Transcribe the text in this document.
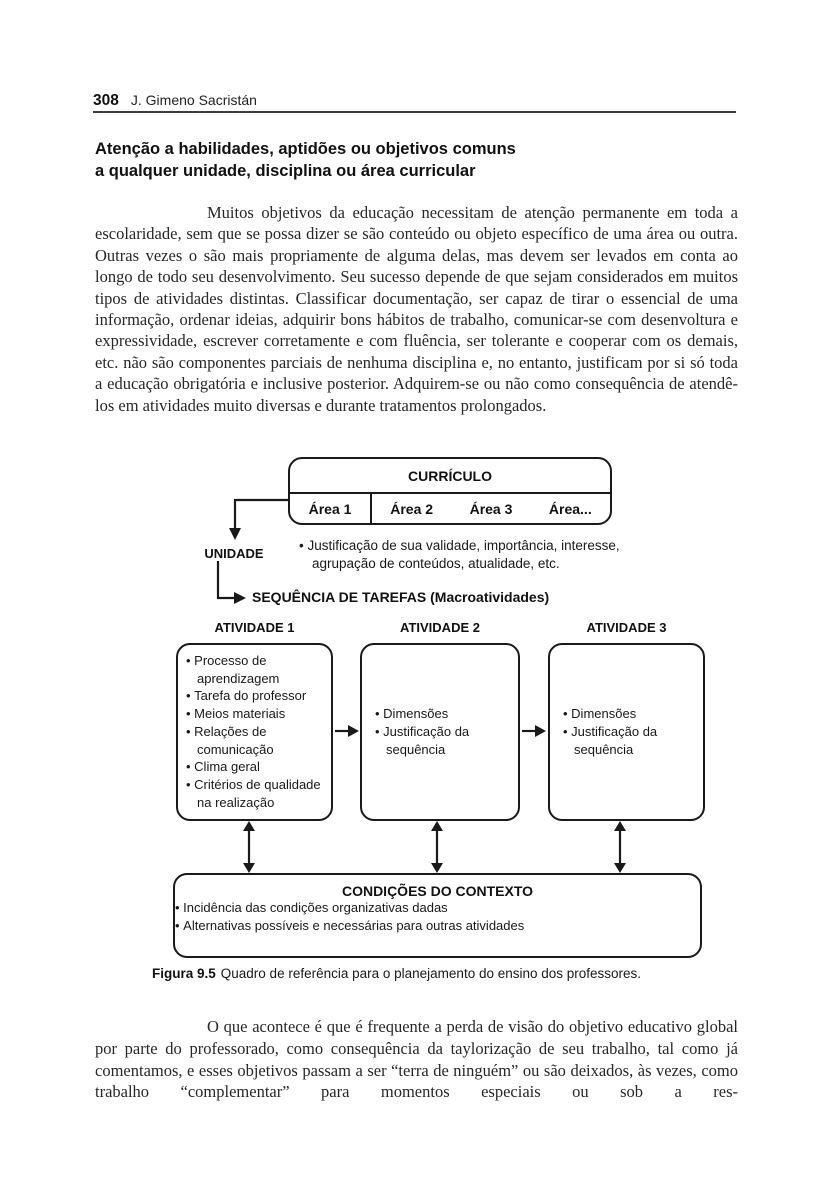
308 J. Gimeno Sacristán
Atenção a habilidades, aptidões ou objetivos comuns
a qualquer unidade, disciplina ou área curricular
Muitos objetivos da educação necessitam de atenção permanente em toda a escolaridade, sem que se possa dizer se são conteúdo ou objeto específico de uma área ou outra. Outras vezes o são mais propriamente de alguma delas, mas devem ser levados em conta ao longo de todo seu desenvolvimento. Seu sucesso depende de que sejam considerados em muitos tipos de atividades distintas. Classificar documentação, ser capaz de tirar o essencial de uma informação, ordenar ideias, adquirir bons hábitos de trabalho, comunicar-se com desenvoltura e expressividade, escrever corretamente e com fluência, ser tolerante e cooperar com os demais, etc. não são componentes parciais de nenhuma disciplina e, no entanto, justificam por si só toda a educação obrigatória e inclusive posterior. Adquirem-se ou não como consequência de atendê-los em atividades muito diversas e durante tratamentos prolongados.
CURRÍCULO
Área 1	Área 2	Área 3	Área...
UNIDADE
• Justificação de sua validade, importância, interesse, agrupação de conteúdos, atualidade, etc.
SEQUÊNCIA DE TAREFAS (Macroatividades)
ATIVIDADE 1	ATIVIDADE 2	ATIVIDADE 3
• Processo de aprendizagem
• Tarefa do professor
• Meios materiais
• Relações de comunicação
• Clima geral
• Critérios de qualidade na realização
• Dimensões
• Justificação da sequência
• Dimensões
• Justificação da sequência
CONDIÇÕES DO CONTEXTO
• Incidência das condições organizativas dadas
• Alternativas possíveis e necessárias para outras atividades
Figura 9.5 Quadro de referência para o planejamento do ensino dos professores.
O que acontece é que é frequente a perda de visão do objetivo educativo global por parte do professorado, como consequência da taylorização de seu trabalho, tal como já comentamos, e esses objetivos passam a ser “terra de ninguém” ou são deixados, às vezes, como trabalho “complementar” para momentos especiais ou sob a res-
